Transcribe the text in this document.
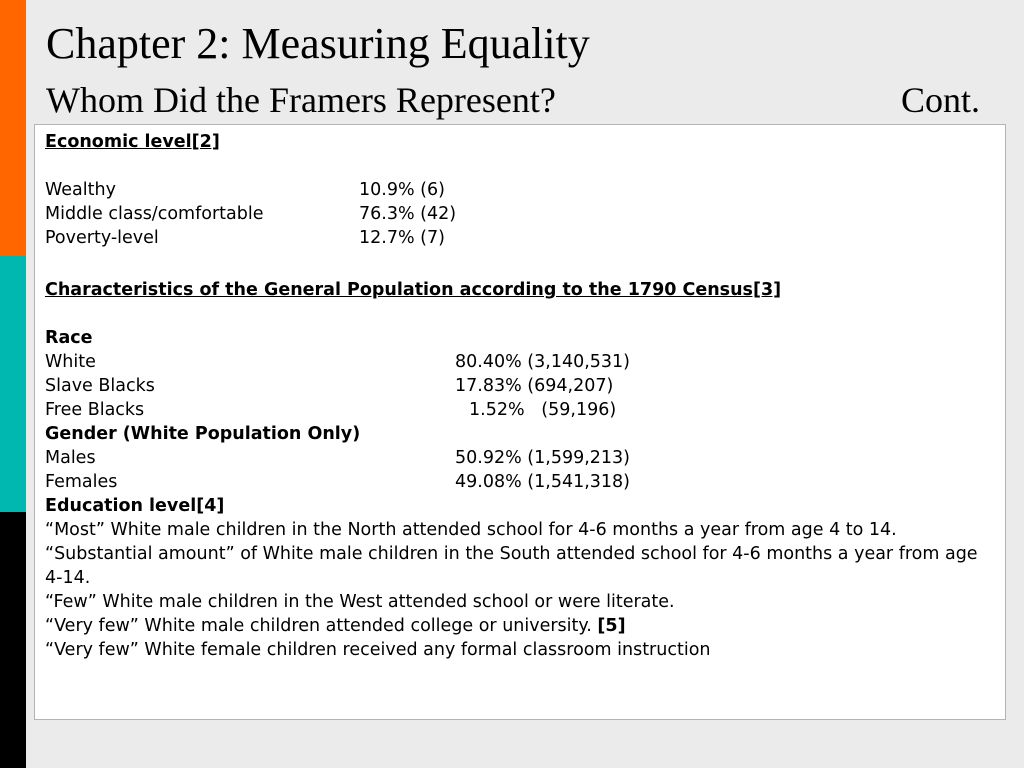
Chapter 2: Measuring Equality
Whom Did the Framers Represent?	Cont.
Economic level[2]
Wealthy	10.9% (6)
Middle class/comfortable	76.3% (42)
Poverty-level	12.7% (7)
Characteristics of the General Population according to the 1790 Census[3]
Race
White	80.40% (3,140,531)
Slave Blacks	17.83% (694,207)
Free Blacks	1.52%   (59,196)
Gender (White Population Only)
Males	50.92% (1,599,213)
Females	49.08% (1,541,318)
Education level[4]
“Most” White male children in the North attended school for 4-6 months a year from age 4 to 14.
“Substantial amount” of White male children in the South attended school for 4-6 months a year from age 4-14.
“Few” White male children in the West attended school or were literate.
“Very few” White male children attended college or university. [5]
“Very few” White female children received any formal classroom instruction
